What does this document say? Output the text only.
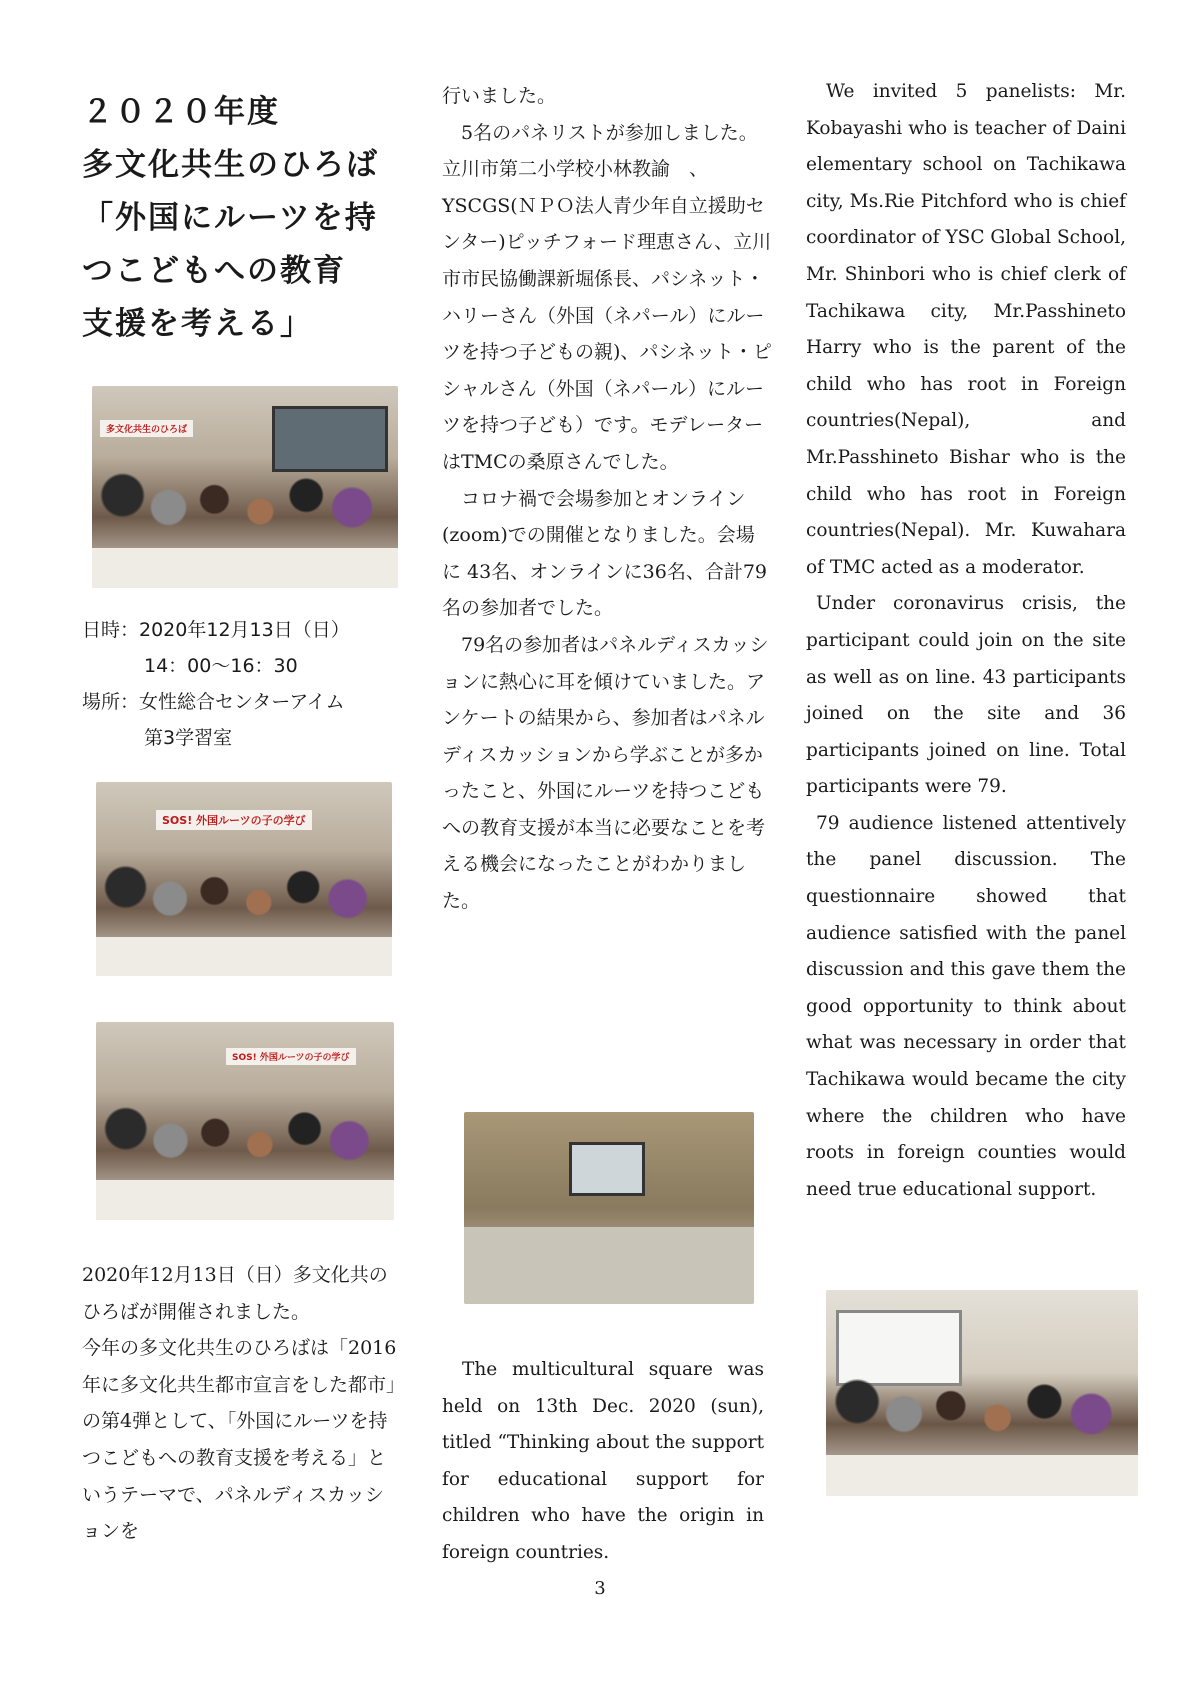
２０２０年度
多文化共生のひろば
「外国にルーツを持
つこどもへの教育
支援を考える」
多文化共生のひろば
日時：2020年12月13日（日）
14：00〜16：30
場所：女性総合センターアイム
第3学習室
SOS! 外国ルーツの子の学び
SOS! 外国ルーツの子の学び

2020年12月13日（日）多文化共のひろばが開催されました。

今年の多文化共生のひろばは「2016年に多文化共生都市宣言をした都市」の第4弾として、「外国にルーツを持つこどもへの教育支援を考える」というテーマで、パネルディスカッションを

行いました。

　5名のパネリストが参加しました。

立川市第二小学校小林教諭　、YSCGS(ＮＰＯ法人青少年自立援助センター)ピッチフォード理恵さん、立川市市民協働課新堀係長、パシネット・ハリーさん（外国（ネパール）にルーツを持つ子どもの親)、パシネット・ピシャルさん（外国（ネパール）にルーツを持つ子ども）です。モデレーターはTMCの桑原さんでした。

　コロナ禍で会場参加とオンライン(zoom)での開催となりました。会場に 43名、オンラインに36名、合計79名の参加者でした。

　79名の参加者はパネルディスカッションに熱心に耳を傾けていました。アンケートの結果から、参加者はパネルディスカッションから学ぶことが多かったこと、外国にルーツを持つこどもへの教育支援が本当に必要なことを考える機会になったことがわかりました。

The multicultural square was held on 13th Dec. 2020 (sun), titled “Thinking about the support for educational support for children who have the origin in foreign countries.

We invited 5 panelists: Mr. Kobayashi who is teacher of Daini elementary school on Tachikawa city, Ms.Rie Pitchford who is chief coordinator of YSC Global School, Mr. Shinbori who is chief clerk of Tachikawa city, Mr.Passhineto Harry who is the parent of the child who has root in Foreign countries(Nepal), and Mr.Passhineto Bishar who is the child who has root in Foreign countries(Nepal). Mr. Kuwahara of TMC acted as a moderator.

Under coronavirus crisis, the participant could join on the site as well as on line. 43 participants joined on the site and 36 participants joined on line. Total participants were 79.

79 audience listened attentively the panel discussion. The questionnaire showed that audience satisfied with the panel discussion and this gave them the good opportunity to think about what was necessary in order that Tachikawa would became the city where the children who have roots in foreign counties would need true educational support.

3
